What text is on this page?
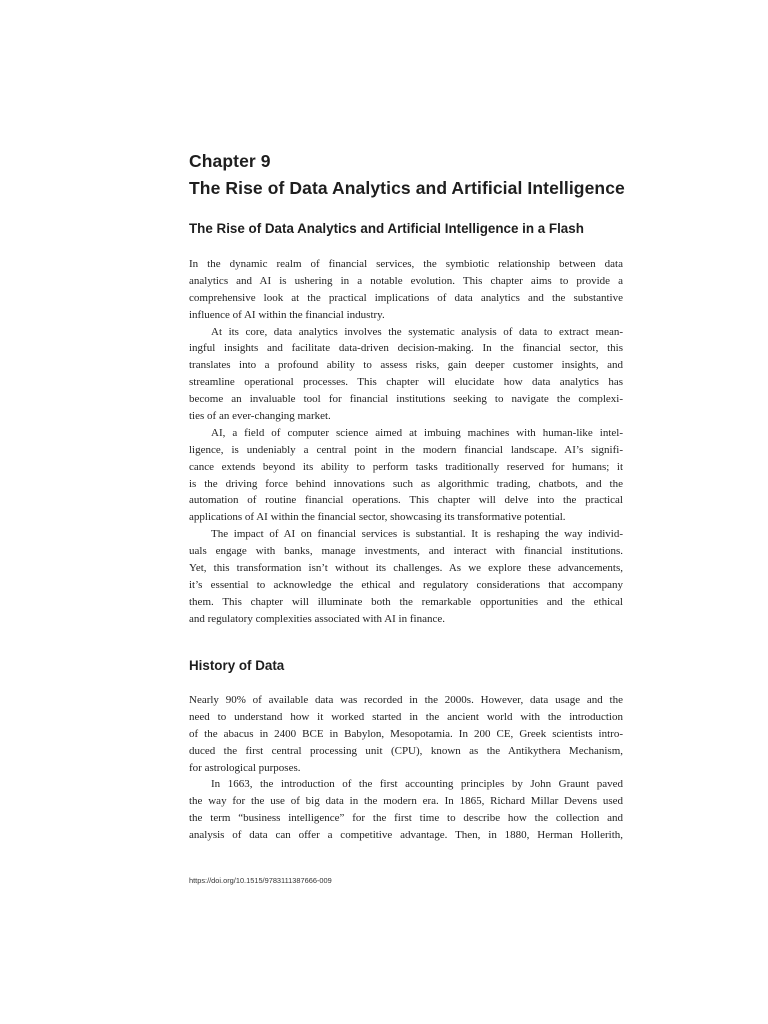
Chapter 9
The Rise of Data Analytics and Artificial Intelligence
The Rise of Data Analytics and Artificial Intelligence in a Flash
In the dynamic realm of financial services, the symbiotic relationship between data
analytics and AI is ushering in a notable evolution. This chapter aims to provide a
comprehensive look at the practical implications of data analytics and the substantive
influence of AI within the financial industry.
At its core, data analytics involves the systematic analysis of data to extract mean-
ingful insights and facilitate data-driven decision-making. In the financial sector, this
translates into a profound ability to assess risks, gain deeper customer insights, and
streamline operational processes. This chapter will elucidate how data analytics has
become an invaluable tool for financial institutions seeking to navigate the complexi-
ties of an ever-changing market.
AI, a field of computer science aimed at imbuing machines with human-like intel-
ligence, is undeniably a central point in the modern financial landscape. AI’s signifi-
cance extends beyond its ability to perform tasks traditionally reserved for humans; it
is the driving force behind innovations such as algorithmic trading, chatbots, and the
automation of routine financial operations. This chapter will delve into the practical
applications of AI within the financial sector, showcasing its transformative potential.
The impact of AI on financial services is substantial. It is reshaping the way individ-
uals engage with banks, manage investments, and interact with financial institutions.
Yet, this transformation isn’t without its challenges. As we explore these advancements,
it’s essential to acknowledge the ethical and regulatory considerations that accompany
them. This chapter will illuminate both the remarkable opportunities and the ethical
and regulatory complexities associated with AI in finance.
History of Data
Nearly 90% of available data was recorded in the 2000s. However, data usage and the
need to understand how it worked started in the ancient world with the introduction
of the abacus in 2400 BCE in Babylon, Mesopotamia. In 200 CE, Greek scientists intro-
duced the first central processing unit (CPU), known as the Antikythera Mechanism,
for astrological purposes.
In 1663, the introduction of the first accounting principles by John Graunt paved
the way for the use of big data in the modern era. In 1865, Richard Millar Devens used
the term “business intelligence” for the first time to describe how the collection and
analysis of data can offer a competitive advantage. Then, in 1880, Herman Hollerith,
https://doi.org/10.1515/9783111387666-009
